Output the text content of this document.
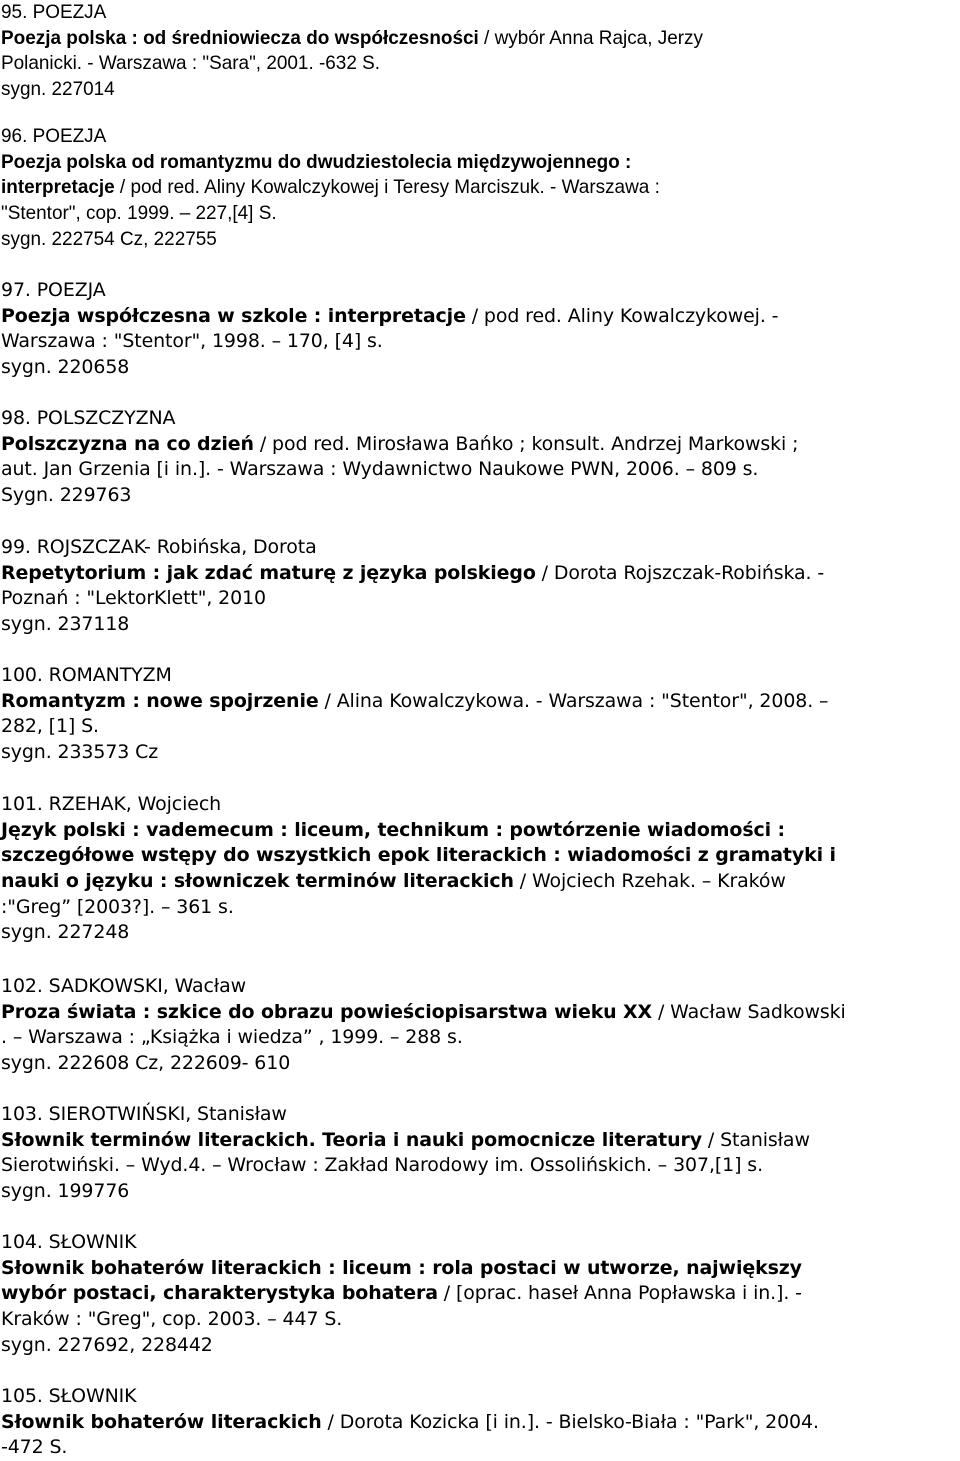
95. POEZJA
Poezja polska : od średniowiecza do współczesności / wybór Anna Rajca, Jerzy
Polanicki. - Warszawa : "Sara", 2001. -632 S.
sygn. 227014
96. POEZJA
Poezja polska od romantyzmu do dwudziestolecia międzywojennego :
interpretacje / pod red. Aliny Kowalczykowej i Teresy Marciszuk. - Warszawa :
"Stentor", cop. 1999. – 227,[4] S.
sygn. 222754 Cz, 222755
97. POEZJA
Poezja współczesna w szkole : interpretacje / pod red. Aliny Kowalczykowej. -
Warszawa : "Stentor", 1998. – 170, [4] s.
sygn. 220658
98. POLSZCZYZNA
Polszczyzna na co dzień / pod red. Mirosława Bańko ; konsult. Andrzej Markowski ;
aut. Jan Grzenia [i in.]. - Warszawa : Wydawnictwo Naukowe PWN, 2006. – 809 s.
Sygn. 229763
99. ROJSZCZAK- Robińska, Dorota
Repetytorium : jak zdać maturę z języka polskiego / Dorota Rojszczak-Robińska. -
Poznań : "LektorKlett", 2010
sygn. 237118
100. ROMANTYZM
Romantyzm : nowe spojrzenie / Alina Kowalczykowa. - Warszawa : "Stentor", 2008. –
282, [1] S.
sygn. 233573 Cz
101. RZEHAK, Wojciech
Język polski : vademecum : liceum, technikum : powtórzenie wiadomości :
szczegółowe wstępy do wszystkich epok literackich : wiadomości z gramatyki i
nauki o języku : słowniczek terminów literackich / Wojciech Rzehak. – Kraków
:"Greg” [2003?]. – 361 s.
sygn. 227248
102. SADKOWSKI, Wacław
Proza świata : szkice do obrazu powieściopisarstwa wieku XX / Wacław Sadkowski
. – Warszawa : „Książka i wiedza” , 1999. – 288 s.
sygn. 222608 Cz, 222609- 610
103. SIEROTWIŃSKI, Stanisław
Słownik terminów literackich. Teoria i nauki pomocnicze literatury / Stanisław
Sierotwiński. – Wyd.4. – Wrocław : Zakład Narodowy im. Ossolińskich. – 307,[1] s.
sygn. 199776
104. SŁOWNIK
Słownik bohaterów literackich : liceum : rola postaci w utworze, największy
wybór postaci, charakterystyka bohatera / [oprac. haseł Anna Popławska i in.]. -
Kraków : "Greg", cop. 2003. – 447 S.
sygn. 227692, 228442
105. SŁOWNIK
Słownik bohaterów literackich / Dorota Kozicka [i in.]. - Bielsko-Biała : "Park", 2004.
-472 S.
